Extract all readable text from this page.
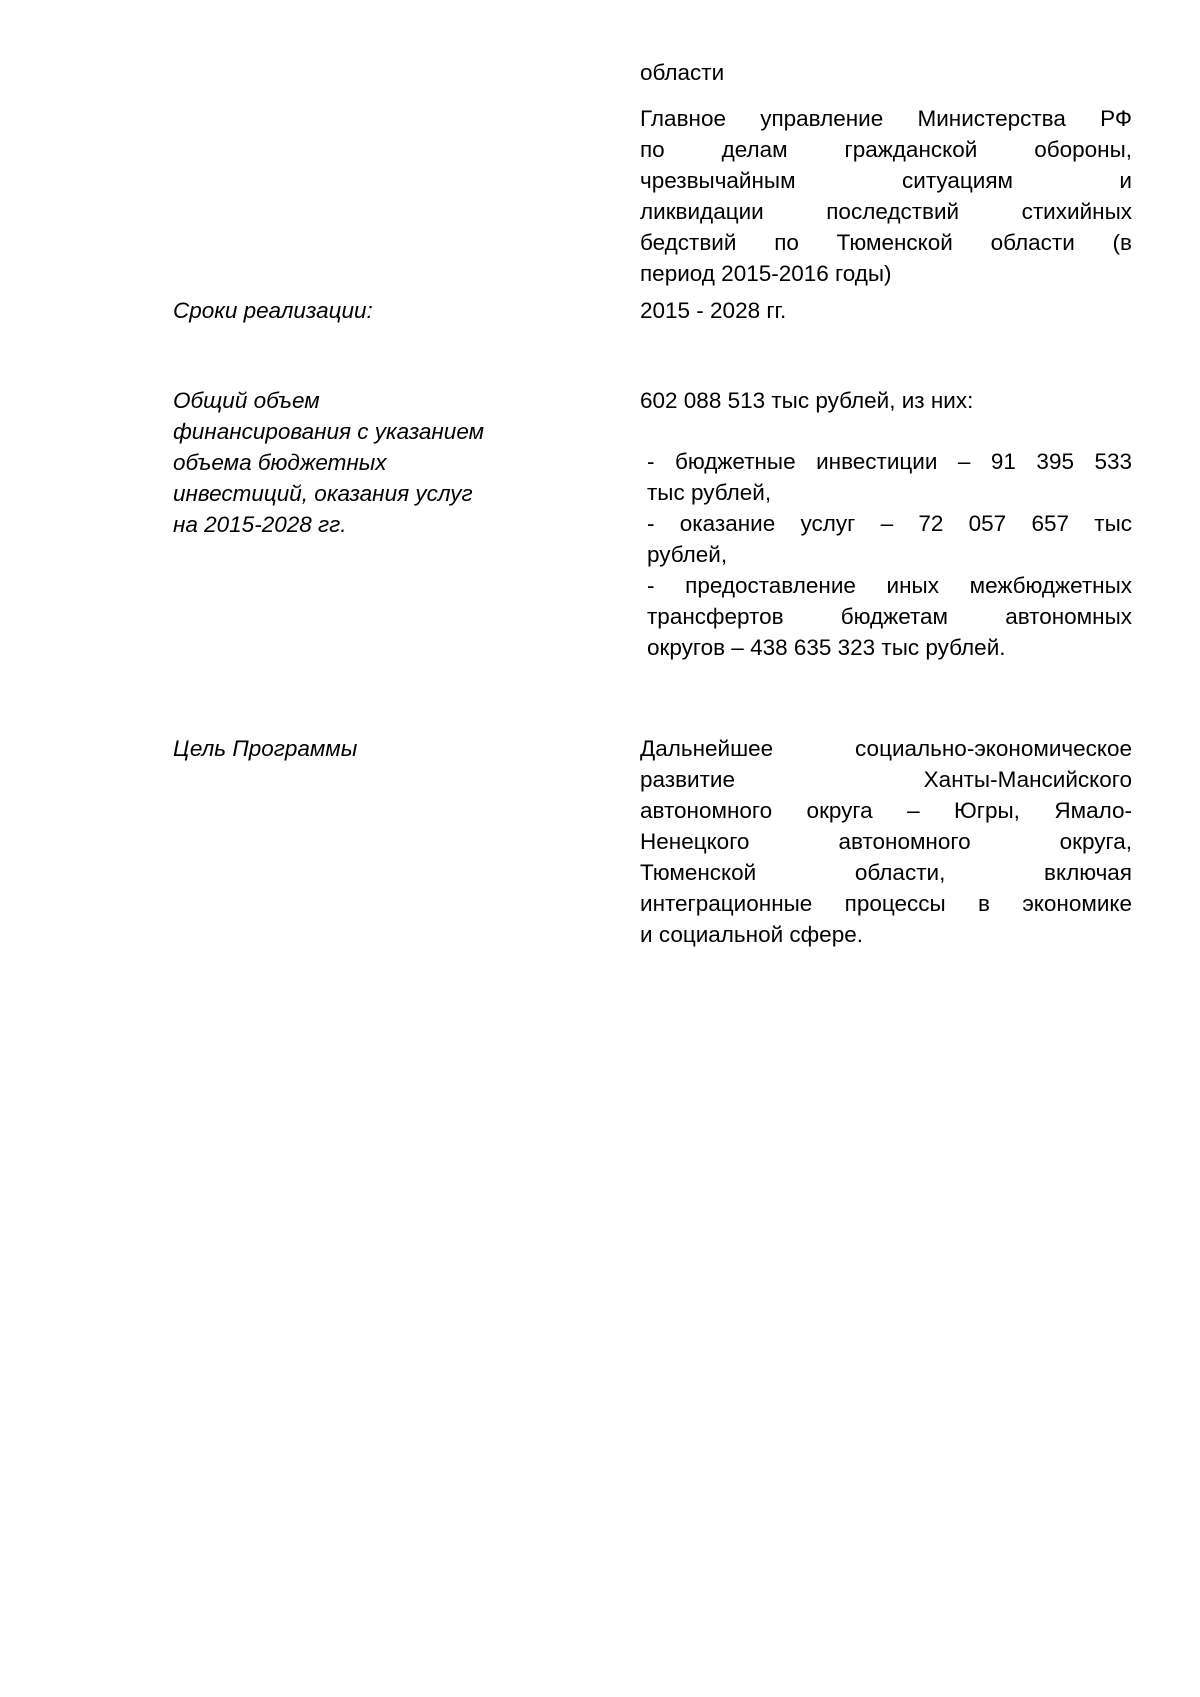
области
Главное управление Министерства РФ
по делам гражданской обороны,
чрезвычайным ситуациям и
ликвидации последствий стихийных
бедствий по Тюменской области (в
период 2015-2016 годы)
Сроки реализации:	2015 - 2028 гг.
Общий объем
финансирования с указанием
объема бюджетных
инвестиций, оказания услуг
на 2015-2028 гг.
602 088 513 тыс рублей, из них:
- бюджетные инвестиции – 91 395 533
тыс рублей,
- оказание услуг – 72 057 657 тыс
рублей,
- предоставление иных межбюджетных
трансфертов бюджетам автономных
округов – 438 635 323 тыс рублей.
Цель Программы	Дальнейшее социально-экономическое
развитие Ханты-Мансийского
автономного округа – Югры, Ямало-
Ненецкого автономного округа,
Тюменской области, включая
интеграционные процессы в экономике
и социальной сфере.
